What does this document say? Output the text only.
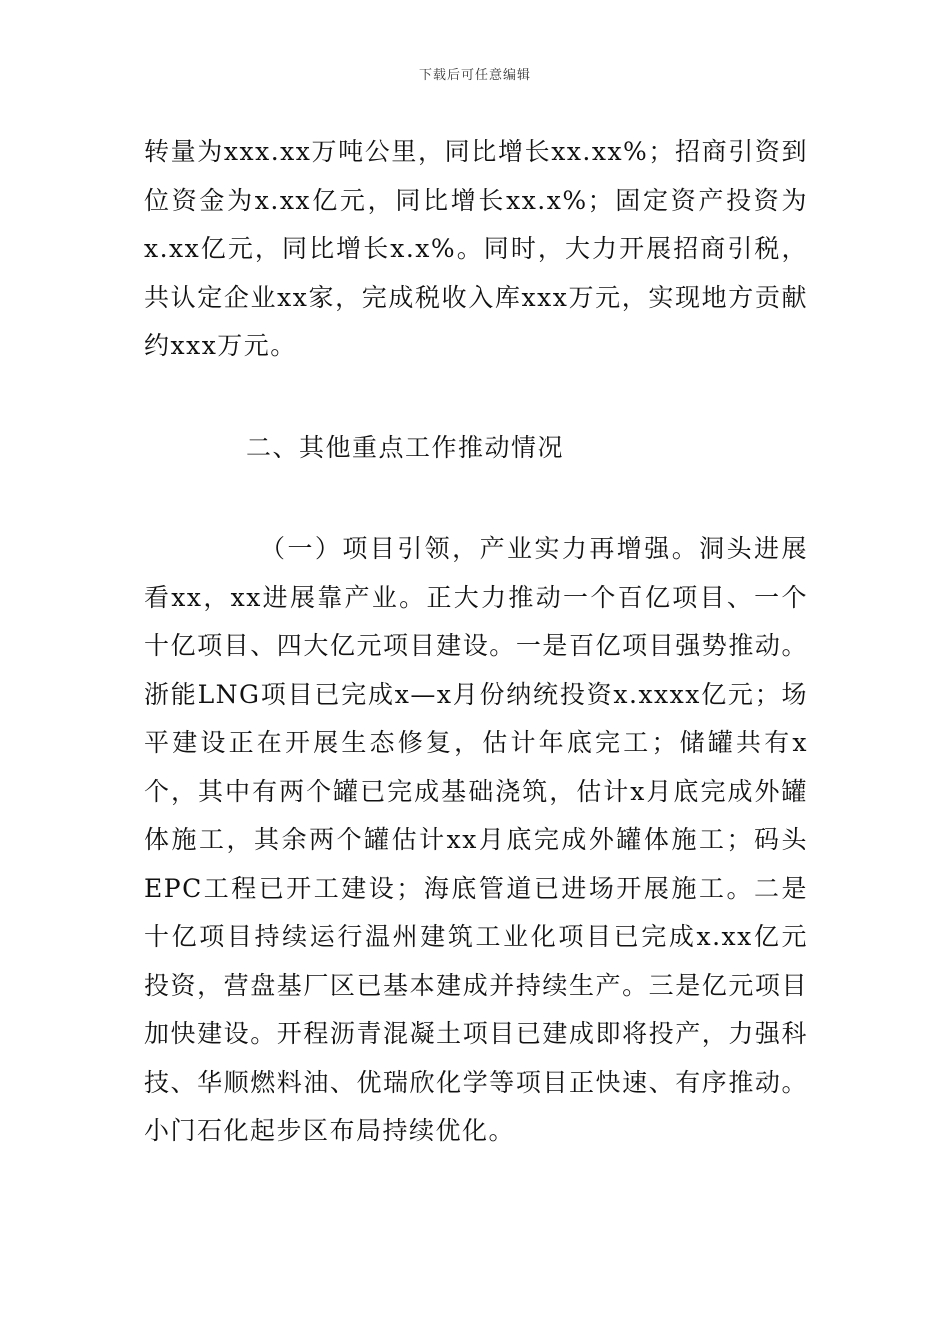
下载后可任意编辑

转量为xxx.xx万吨公里，同比增长xx.xx%；招商引资到位资金为x.xx亿元，同比增长xx.x%；固定资产投资为x.xx亿元，同比增长x.x%。同时，大力开展招商引税，共认定企业xx家，完成税收入库xxx万元，实现地方贡献约xxx万元。

二、其他重点工作推动情况

（一）项目引领，产业实力再增强。洞头进展看xx，xx进展靠产业。正大力推动一个百亿项目、一个十亿项目、四大亿元项目建设。一是百亿项目强势推动。浙能LNG项目已完成x—x月份纳统投资x.xxxx亿元；场平建设正在开展生态修复，估计年底完工；储罐共有x个，其中有两个罐已完成基础浇筑，估计x月底完成外罐体施工，其余两个罐估计xx月底完成外罐体施工；码头EPC工程已开工建设；海底管道已进场开展施工。二是十亿项目持续运行温州建筑工业化项目已完成x.xx亿元投资，营盘基厂区已基本建成并持续生产。三是亿元项目加快建设。开程沥青混凝土项目已建成即将投产，力强科技、华顺燃料油、优瑞欣化学等项目正快速、有序推动。小门石化起步区布局持续优化。
